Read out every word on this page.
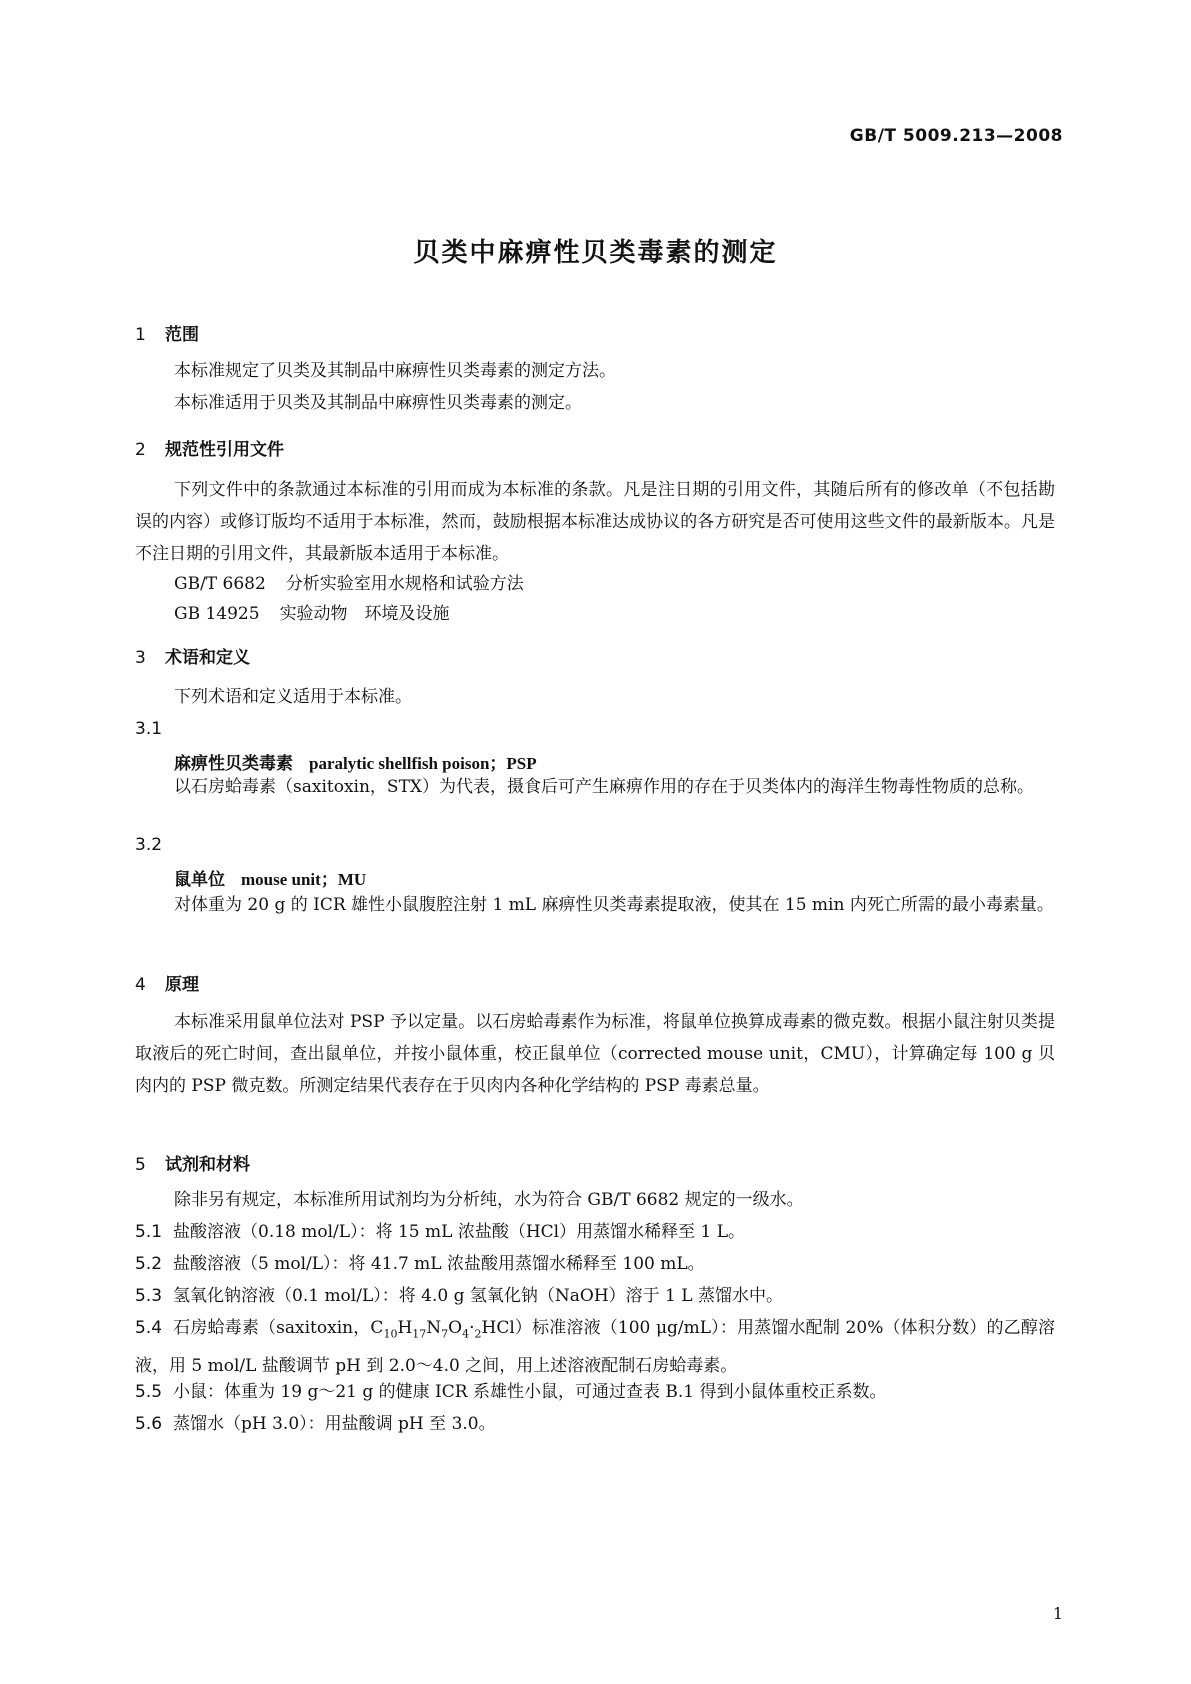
GB/T 5009.213—2008
贝类中麻痹性贝类毒素的测定
1 范围
本标准规定了贝类及其制品中麻痹性贝类毒素的测定方法。
本标准适用于贝类及其制品中麻痹性贝类毒素的测定。
2 规范性引用文件
下列文件中的条款通过本标准的引用而成为本标准的条款。凡是注日期的引用文件，其随后所有的修改单（不包括勘误的内容）或修订版均不适用于本标准，然而，鼓励根据本标准达成协议的各方研究是否可使用这些文件的最新版本。凡是不注日期的引用文件，其最新版本适用于本标准。
GB/T 6682 分析实验室用水规格和试验方法
GB 14925 实验动物　环境及设施
3 术语和定义
下列术语和定义适用于本标准。
3.1
麻痹性贝类毒素 paralytic shellfish poison；PSP
以石房蛤毒素（saxitoxin，STX）为代表，摄食后可产生麻痹作用的存在于贝类体内的海洋生物毒性物质的总称。
3.2
鼠单位 mouse unit；MU
对体重为 20 g 的 ICR 雄性小鼠腹腔注射 1 mL 麻痹性贝类毒素提取液，使其在 15 min 内死亡所需的最小毒素量。
4 原理
本标准采用鼠单位法对 PSP 予以定量。以石房蛤毒素作为标准，将鼠单位换算成毒素的微克数。根据小鼠注射贝类提取液后的死亡时间，查出鼠单位，并按小鼠体重，校正鼠单位（corrected mouse unit，CMU），计算确定每 100 g 贝肉内的 PSP 微克数。所测定结果代表存在于贝肉内各种化学结构的 PSP 毒素总量。
5 试剂和材料
除非另有规定，本标准所用试剂均为分析纯，水为符合 GB/T 6682 规定的一级水。
5.1 盐酸溶液（0.18 mol/L）：将 15 mL 浓盐酸（HCl）用蒸馏水稀释至 1 L。
5.2 盐酸溶液（5 mol/L）：将 41.7 mL 浓盐酸用蒸馏水稀释至 100 mL。
5.3 氢氧化钠溶液（0.1 mol/L）：将 4.0 g 氢氧化钠（NaOH）溶于 1 L 蒸馏水中。
5.4 石房蛤毒素（saxitoxin，$C_{10}H_{17}N_7O_4\cdot_2HCl$）标准溶液（100 μg/mL）：用蒸馏水配制 20%（体积分数）的乙醇溶液，用 5 mol/L 盐酸调节 pH 到 2.0～4.0 之间，用上述溶液配制石房蛤毒素。
5.5 小鼠：体重为 19 g～21 g 的健康 ICR 系雄性小鼠，可通过查表 B.1 得到小鼠体重校正系数。
5.6 蒸馏水（pH 3.0）：用盐酸调 pH 至 3.0。
1
